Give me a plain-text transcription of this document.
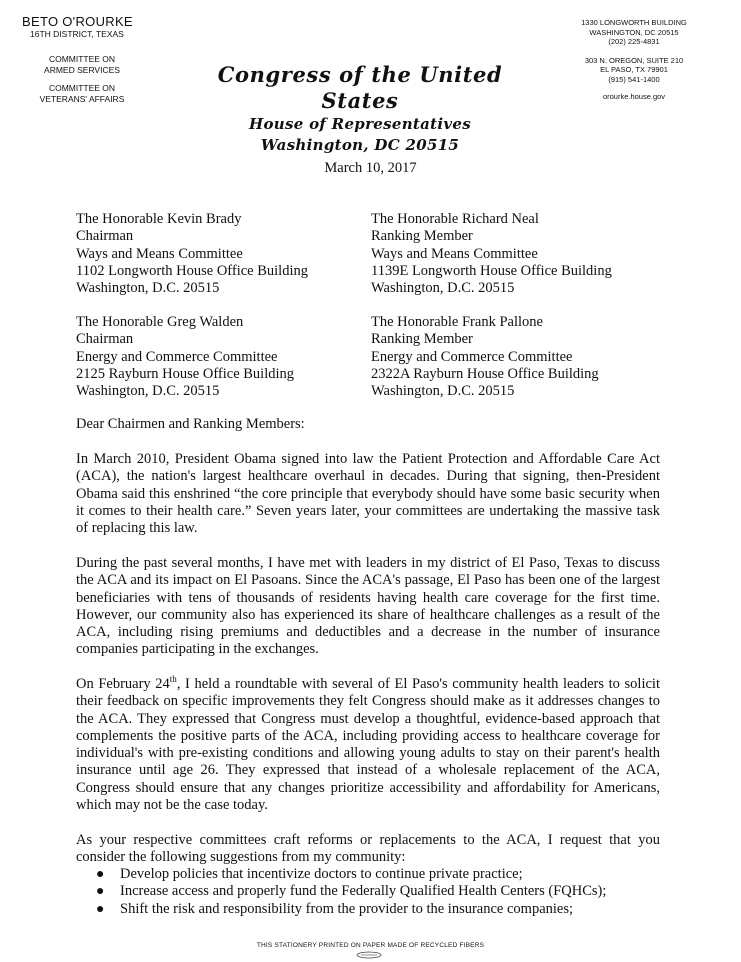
BETO O'ROURKE
16TH DISTRICT, TEXAS
COMMITTEE ON
ARMED SERVICES
COMMITTEE ON
VETERANS' AFFAIRS
Congress of the United States
House of Representatives
Washington, DC 20515
1330 LONGWORTH BUILDING
WASHINGTON, DC 20515
(202) 225-4831
303 N. OREGON, SUITE 210
EL PASO, TX 79901
(915) 541-1400
orourke.house.gov
March 10, 2017
The Honorable Kevin Brady
Chairman
Ways and Means Committee
1102 Longworth House Office Building
Washington, D.C. 20515
The Honorable Richard Neal
Ranking Member
Ways and Means Committee
1139E Longworth House Office Building
Washington, D.C. 20515
The Honorable Greg Walden
Chairman
Energy and Commerce Committee
2125 Rayburn House Office Building
Washington, D.C. 20515
The Honorable Frank Pallone
Ranking Member
Energy and Commerce Committee
2322A Rayburn House Office Building
Washington, D.C. 20515
Dear Chairmen and Ranking Members:
In March 2010, President Obama signed into law the Patient Protection and Affordable Care Act (ACA), the nation's largest healthcare overhaul in decades. During that signing, then-President Obama said this enshrined “the core principle that everybody should have some basic security when it comes to their health care.” Seven years later, your committees are undertaking the massive task of replacing this law.
During the past several months, I have met with leaders in my district of El Paso, Texas to discuss the ACA and its impact on El Pasoans. Since the ACA's passage, El Paso has been one of the largest beneficiaries with tens of thousands of residents having health care coverage for the first time. However, our community also has experienced its share of healthcare challenges as a result of the ACA, including rising premiums and deductibles and a decrease in the number of insurance companies participating in the exchanges.
On February 24th, I held a roundtable with several of El Paso's community health leaders to solicit their feedback on specific improvements they felt Congress should make as it addresses changes to the ACA. They expressed that Congress must develop a thoughtful, evidence-based approach that complements the positive parts of the ACA, including providing access to healthcare coverage for individual's with pre-existing conditions and allowing young adults to stay on their parent's health insurance until age 26. They expressed that instead of a wholesale replacement of the ACA, Congress should ensure that any changes prioritize accessibility and affordability for Americans, which may not be the case today.
As your respective committees craft reforms or replacements to the ACA, I request that you consider the following suggestions from my community:
●	Develop policies that incentivize doctors to continue private practice;
●	Increase access and properly fund the Federally Qualified Health Centers (FQHCs);
●	Shift the risk and responsibility from the provider to the insurance companies;
THIS STATIONERY PRINTED ON PAPER MADE OF RECYCLED FIBERS
